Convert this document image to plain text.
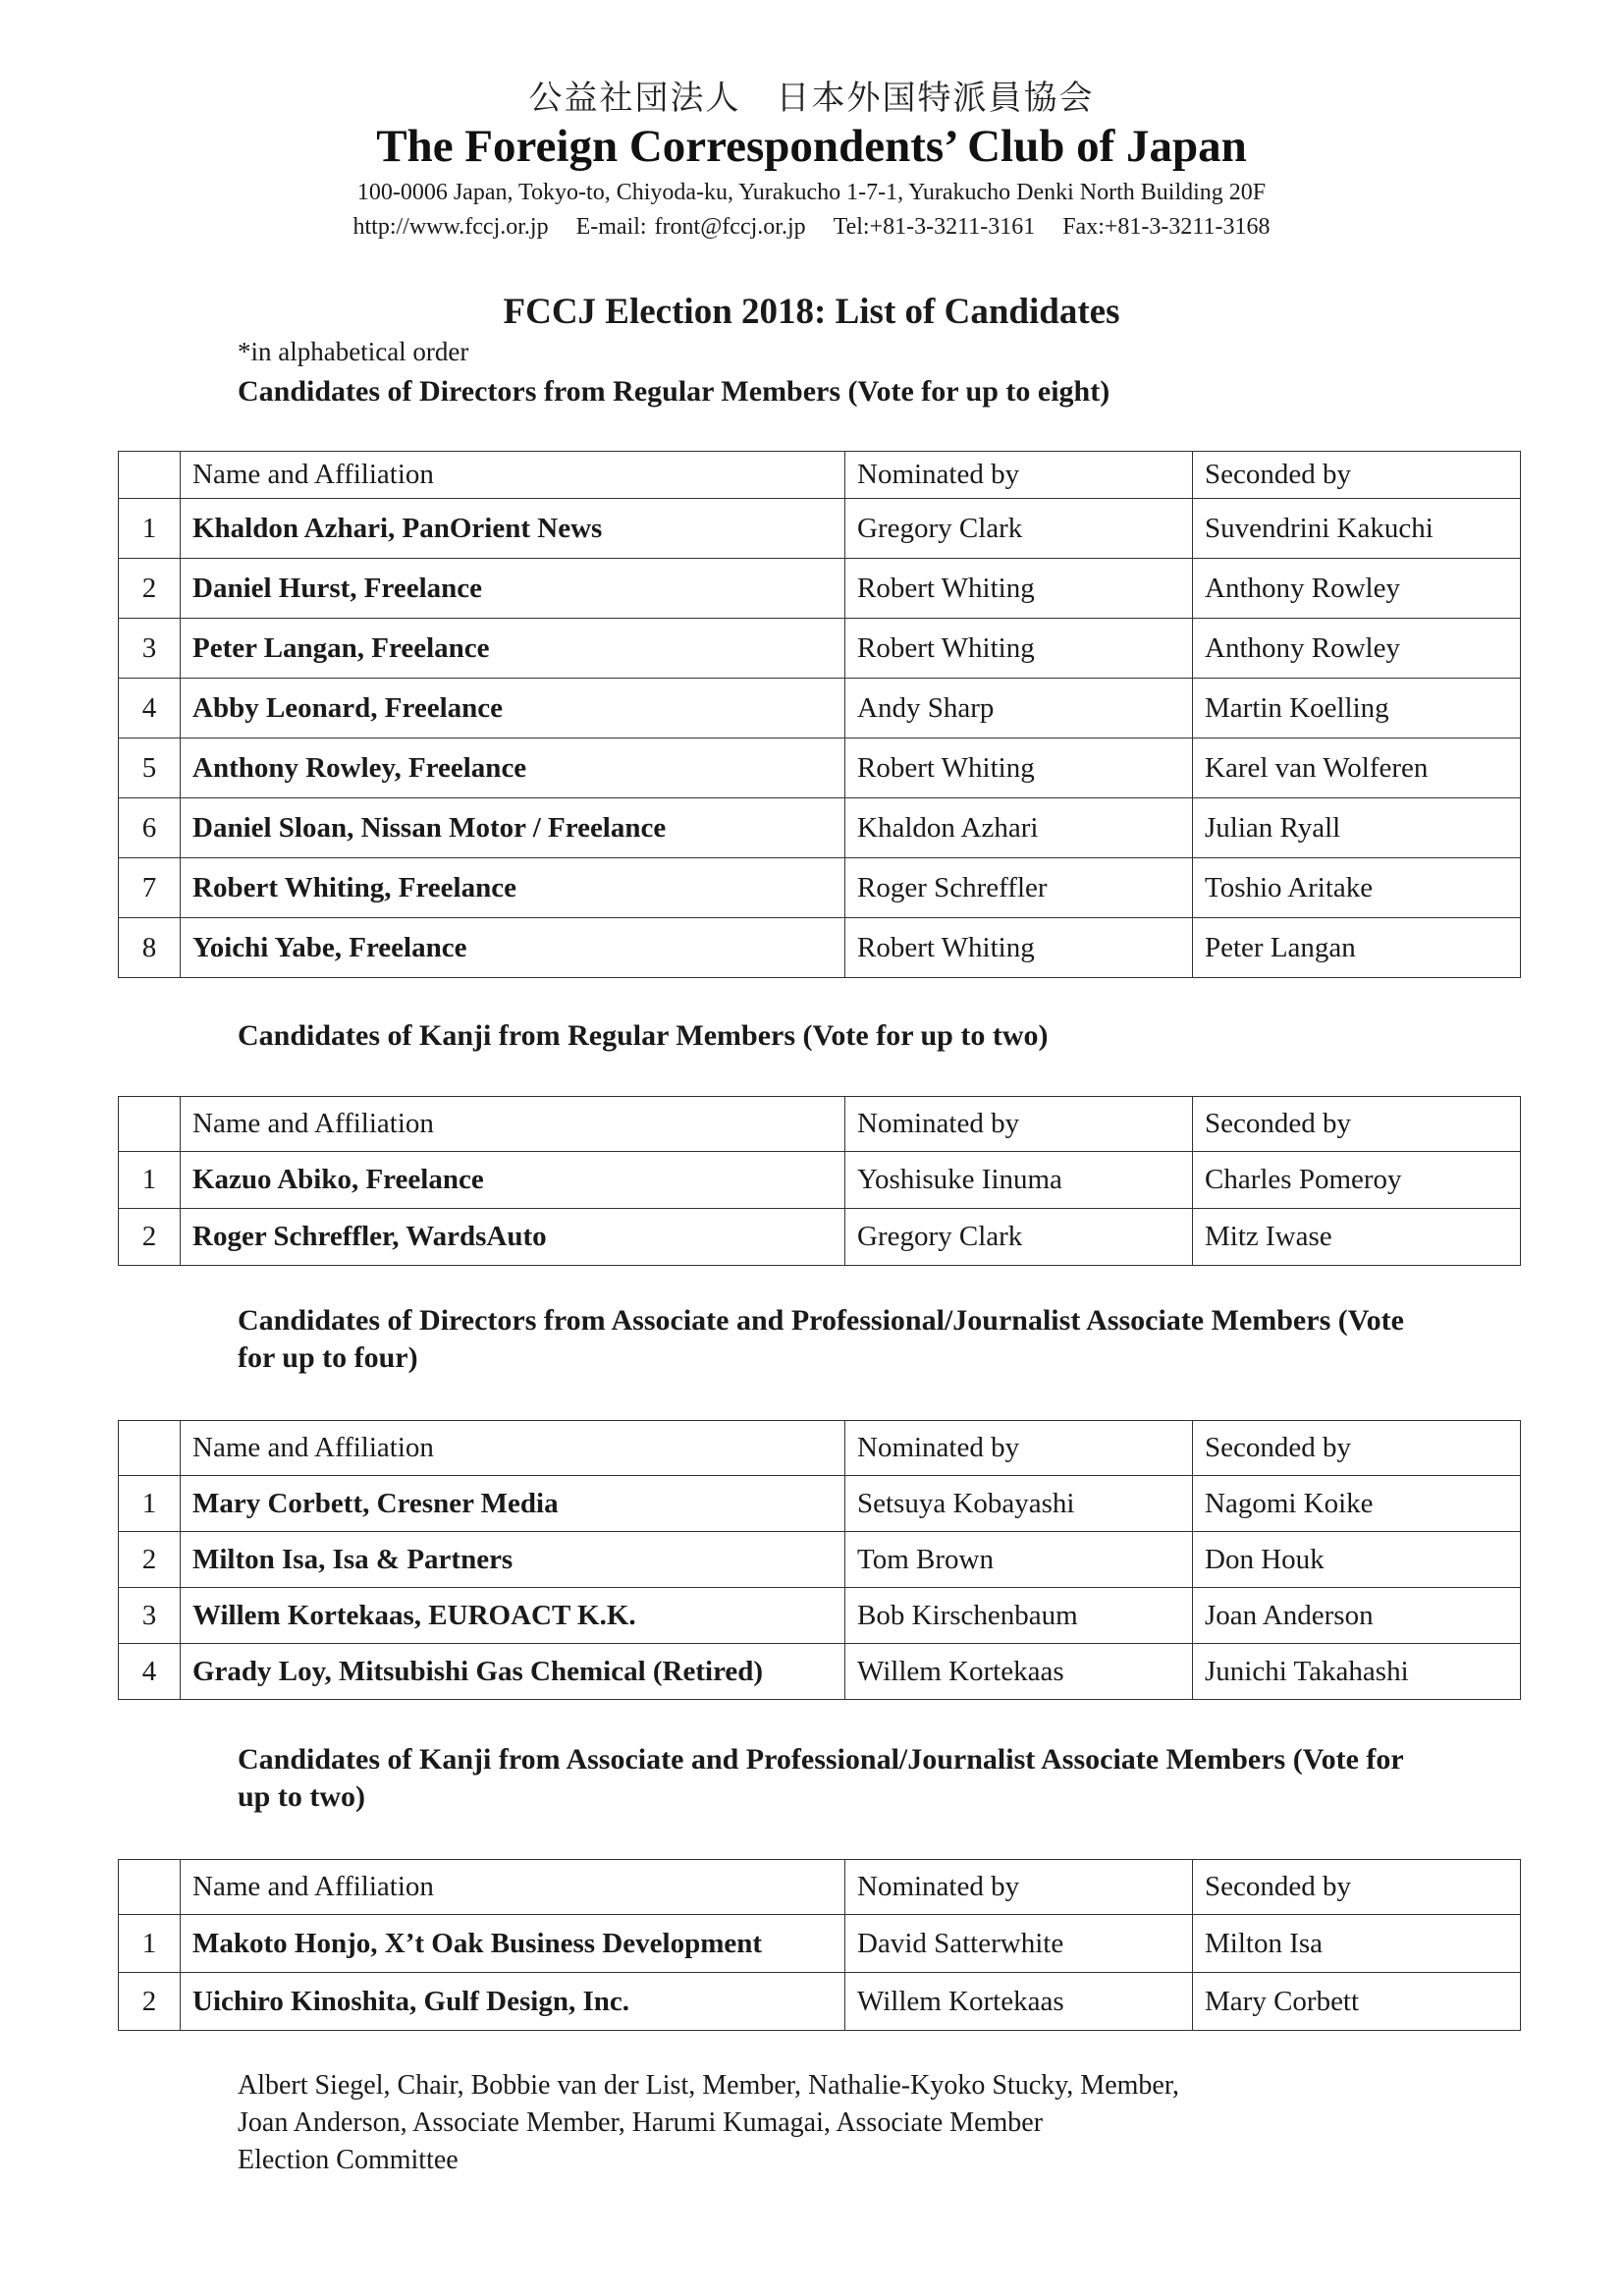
公益社団法人　日本外国特派員協会
The Foreign Correspondents’ Club of Japan
100-0006 Japan, Tokyo-to, Chiyoda-ku, Yurakucho 1-7-1, Yurakucho Denki North Building 20F
http://www.fccj.or.jp E-mail: front@fccj.or.jp Tel:+81-3-3211-3161 Fax:+81-3-3211-3168
FCCJ Election 2018: List of Candidates
*in alphabetical order
Candidates of Directors from Regular Members (Vote for up to eight)
	Name and Affiliation	Nominated by	Seconded by
1	Khaldon Azhari, PanOrient News	Gregory Clark	Suvendrini Kakuchi
2	Daniel Hurst, Freelance	Robert Whiting	Anthony Rowley
3	Peter Langan, Freelance	Robert Whiting	Anthony Rowley
4	Abby Leonard, Freelance	Andy Sharp	Martin Koelling
5	Anthony Rowley, Freelance	Robert Whiting	Karel van Wolferen
6	Daniel Sloan, Nissan Motor / Freelance	Khaldon Azhari	Julian Ryall
7	Robert Whiting, Freelance	Roger Schreffler	Toshio Aritake
8	Yoichi Yabe, Freelance	Robert Whiting	Peter Langan
Candidates of Kanji from Regular Members (Vote for up to two)
	Name and Affiliation	Nominated by	Seconded by
1	Kazuo Abiko, Freelance	Yoshisuke Iinuma	Charles Pomeroy
2	Roger Schreffler, WardsAuto	Gregory Clark	Mitz Iwase
Candidates of Directors from Associate and Professional/Journalist Associate Members (Vote for up to four)
	Name and Affiliation	Nominated by	Seconded by
1	Mary Corbett, Cresner Media	Setsuya Kobayashi	Nagomi Koike
2	Milton Isa, Isa & Partners	Tom Brown	Don Houk
3	Willem Kortekaas, EUROACT K.K.	Bob Kirschenbaum	Joan Anderson
4	Grady Loy, Mitsubishi Gas Chemical (Retired)	Willem Kortekaas	Junichi Takahashi
Candidates of Kanji from Associate and Professional/Journalist Associate Members (Vote for up to two)
	Name and Affiliation	Nominated by	Seconded by
1	Makoto Honjo, X’t Oak Business Development	David Satterwhite	Milton Isa
2	Uichiro Kinoshita, Gulf Design, Inc.	Willem Kortekaas	Mary Corbett
Albert Siegel, Chair, Bobbie van der List, Member, Nathalie-Kyoko Stucky, Member,
Joan Anderson, Associate Member, Harumi Kumagai, Associate Member
Election Committee
